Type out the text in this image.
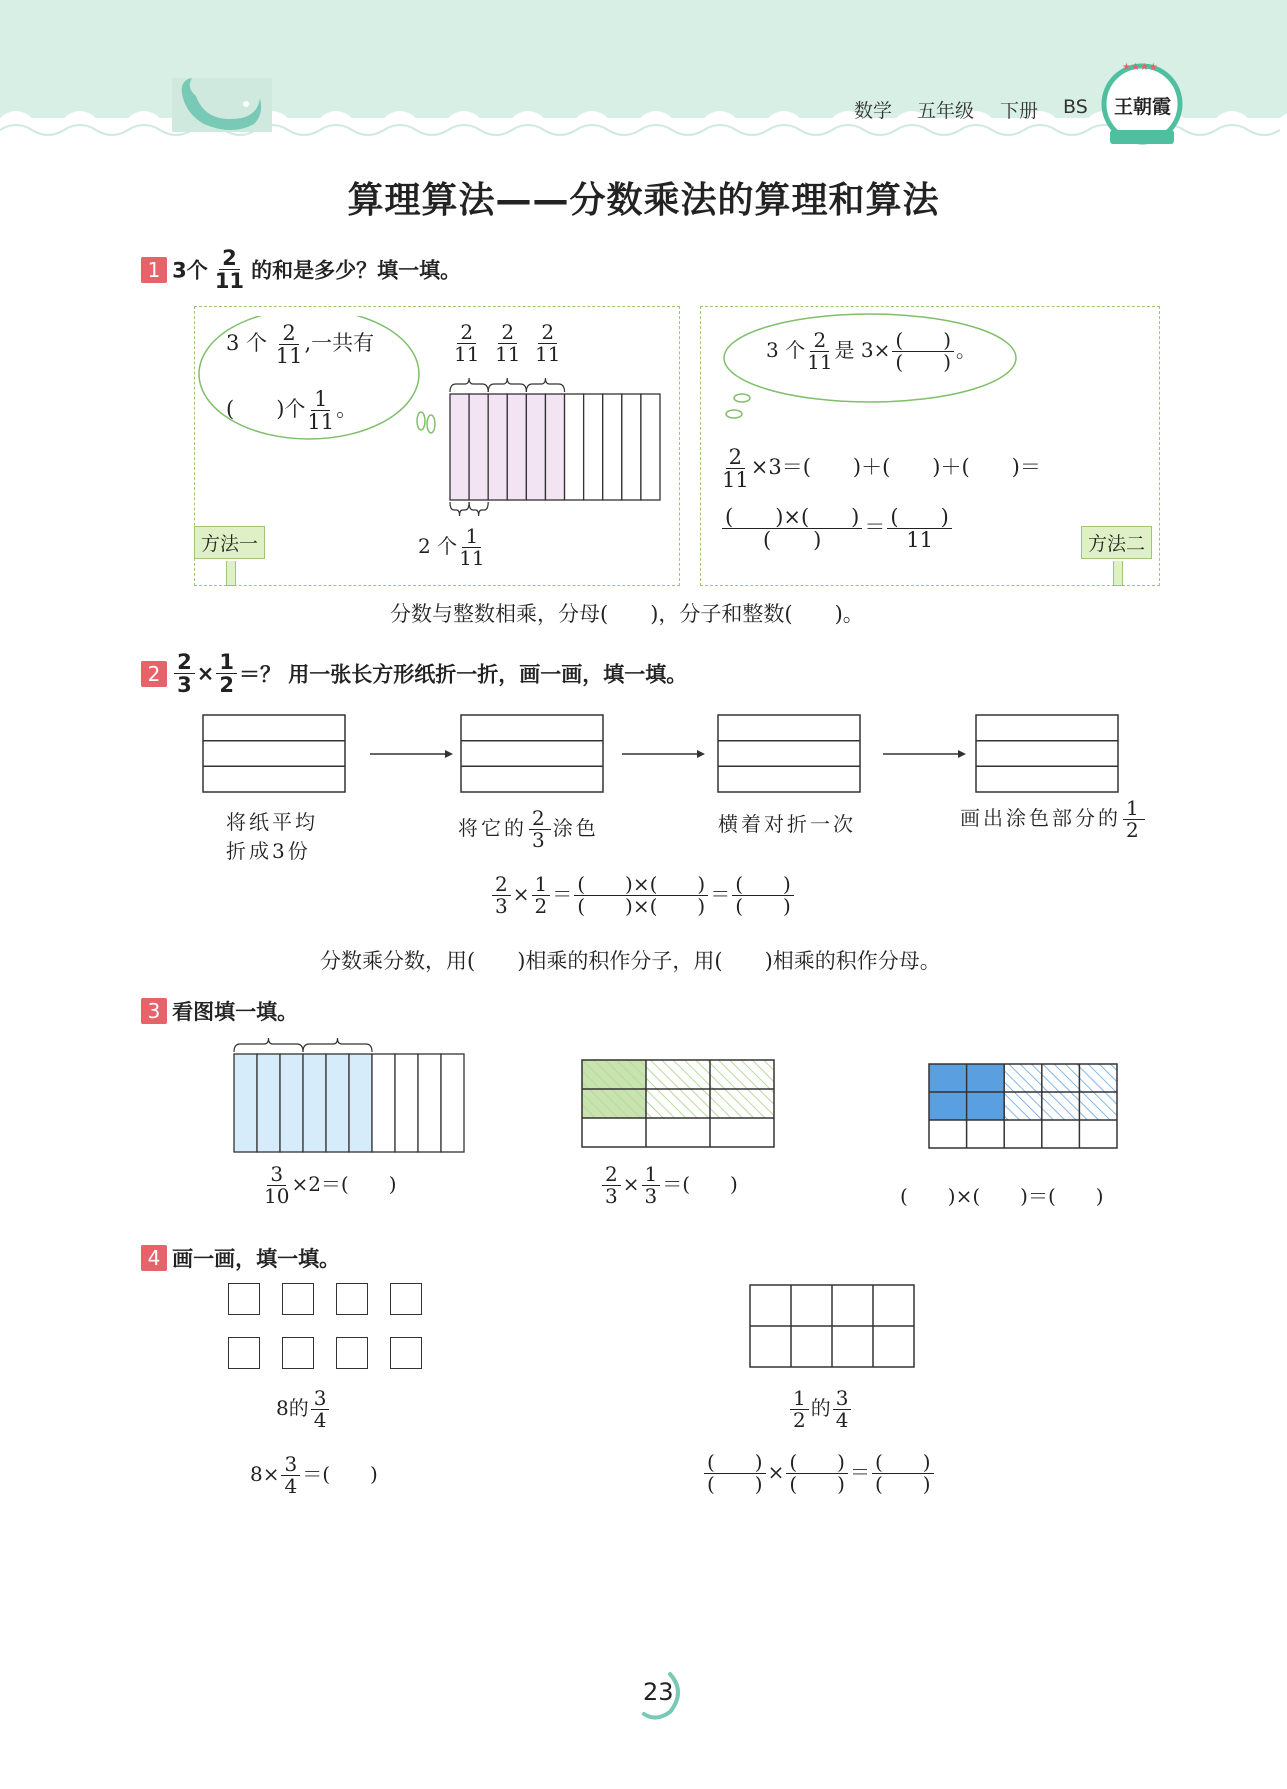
数学 五年级 下册 BS
★★★★
王朝霞
算理算法——分数乘法的算理和算法
1 3个 $\frac{2}{11}$ 的和是多少？填一填。
3 个 $\frac{2}{11}$ ,一共有
(　　)个 $\frac{1}{11}$ 。
$\frac{2}{11} \frac{2}{11} \frac{2}{11}$
2 个 $\frac{1}{11}$
方法一
3 个 $\frac{2}{11}$ 是 $3\times \frac{( )}{( )}$ 。
$\frac{2}{11} \times 3=$(　　)＋(　　)＋(　　)＝
$\frac{( )\times( )}{( )} = \frac{( )}{11}$	方法二
分数与整数相乘，分母(　　)，分子和整数(　　)。
$2 \frac{2}{3} \times \frac{1}{2}$ ＝？ 用一张长方形纸折一折，画一画，填一填。
将纸平均
折成3份
将它的 $\frac{2}{3}$ 涂色	横着对折一次	画出涂色部分的 $\frac{1}{2}$
$\frac{2}{3} \times \frac{1}{2} = \frac{( )\times( )}{( )\times( )} = \frac{( )}{( )}$
分数乘分数，用(　　)相乘的积作分子，用(　　)相乘的积作分母。
3 看图填一填。
$\frac{3}{10} \times 2=$(　　)	$\frac{2}{3} \times \frac{1}{3}$ ＝(　　)	(　　)×(　　)＝(　　)
4 画一画，填一填。
8的 $\frac{3}{4}$
$8\times \frac{3}{4}$ ＝(　　)
$\frac{1}{2}$ 的 $\frac{3}{4}$
$\frac{( )}{( )} \times \frac{( )}{( )} = \frac{( )}{( )}$
23
